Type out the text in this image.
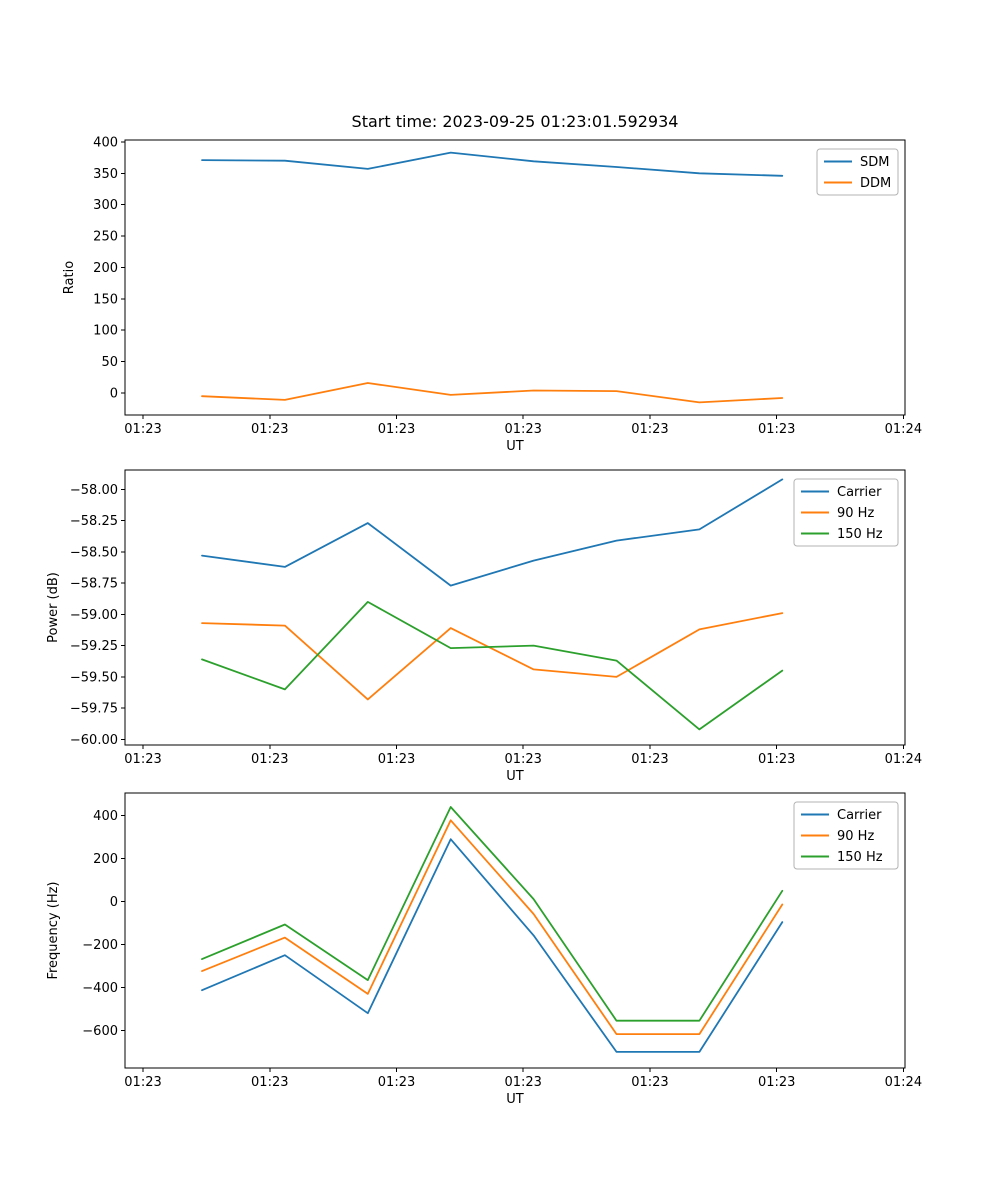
Start time: 2023-09-25 01:23:01.592934
400
350
300
250
200
150
100
50
0
01:23	01:23	01:23	01:23	01:23	01:23	01:24
UT
Ratio
SDM
DDM
−58.00
−58.25
−58.50
−58.75
−59.00
−59.25
−59.50
−59.75
−60.00
01:23	01:23	01:23	01:23	01:23	01:23	01:24
UT
Power (dB)
Carrier
90 Hz
150 Hz
400
200
0
−200
−400
−600
01:23	01:23	01:23	01:23	01:23	01:23	01:24
UT
Frequency (Hz)
Carrier
90 Hz
150 Hz
